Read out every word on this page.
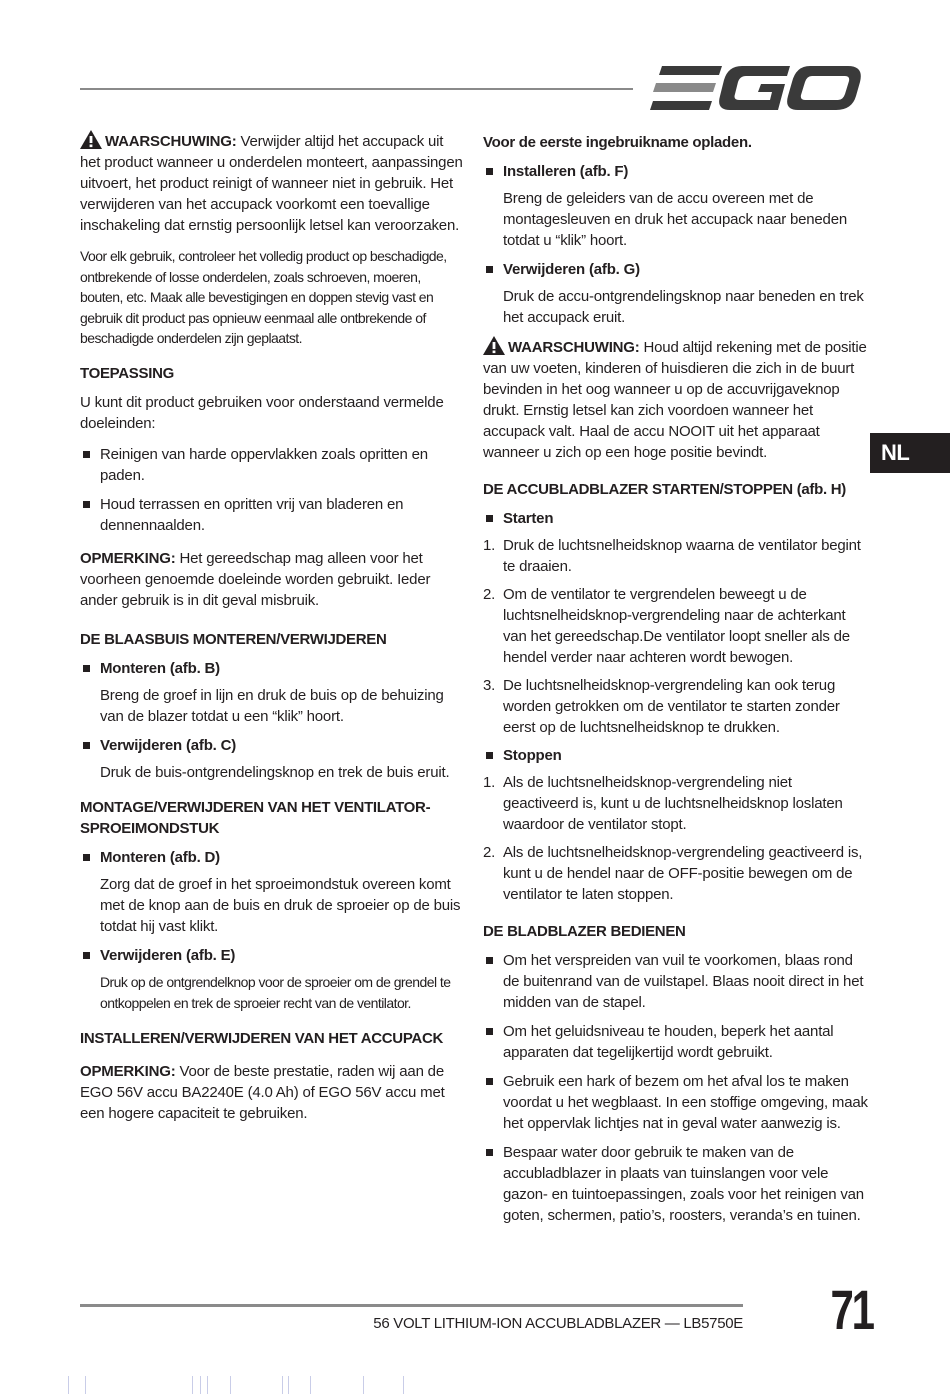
NL
WAARSCHUWING: Verwijder altijd het accupack uit het product wanneer u onderdelen monteert, aanpassingen uitvoert, het product reinigt of wanneer niet in gebruik. Het verwijderen van het accupack voorkomt een toevallige inschakeling dat ernstig persoonlijk letsel kan veroorzaken.
Voor elk gebruik, controleer het volledig product op beschadigde, ontbrekende of losse onderdelen, zoals schroeven, moeren, bouten, etc. Maak alle bevestigingen en doppen stevig vast en gebruik dit product pas opnieuw eenmaal alle ontbrekende of beschadigde onderdelen zijn geplaatst.
TOEPASSING
U kunt dit product gebruiken voor onderstaand vermelde doeleinden:
Reinigen van harde oppervlakken zoals opritten en paden.
Houd terrassen en opritten vrij van bladeren en dennennaalden.
OPMERKING: Het gereedschap mag alleen voor het voorheen genoemde doeleinde worden gebruikt. Ieder ander gebruik is in dit geval misbruik.
DE BLAASBUIS MONTEREN/VERWIJDEREN
Monteren (afb. B)
Breng de groef in lijn en druk de buis op de behuizing van de blazer totdat u een “klik” hoort.
Verwijderen (afb. C)
Druk de buis-ontgrendelingsknop en trek de buis eruit.
MONTAGE/VERWIJDEREN VAN HET VENTILATOR-SPROEIMONDSTUK
Monteren (afb. D)
Zorg dat de groef in het sproeimondstuk overeen komt met de knop aan de buis en druk de sproeier op de buis totdat hij vast klikt.
Verwijderen (afb. E)
Druk op de ontgrendelknop voor de sproeier om de grendel te ontkoppelen en trek de sproeier recht van de ventilator.
INSTALLEREN/VERWIJDEREN VAN HET ACCUPACK
OPMERKING: Voor de beste prestatie, raden wij aan de EGO 56V accu BA2240E (4.0 Ah) of EGO 56V accu met een hogere capaciteit te gebruiken.
Voor de eerste ingebruikname opladen.
Installeren (afb. F)
Breng de geleiders van de accu overeen met de montagesleuven en druk het accupack naar beneden totdat u “klik” hoort.
Verwijderen (afb. G)
Druk de accu-ontgrendelingsknop naar beneden en trek het accupack eruit.
WAARSCHUWING: Houd altijd rekening met de positie van uw voeten, kinderen of huisdieren die zich in de buurt bevinden in het oog wanneer u op de accuvrijgaveknop drukt. Ernstig letsel kan zich voordoen wanneer het accupack valt. Haal de accu NOOIT uit het apparaat wanneer u zich op een hoge positie bevindt.
DE ACCUBLADBLAZER STARTEN/STOPPEN (afb. H)
Starten
1. Druk de luchtsnelheidsknop waarna de ventilator begint te draaien.
2. Om de ventilator te vergrendelen beweegt u de luchtsnelheidsknop-vergrendeling naar de achterkant van het gereedschap.De ventilator loopt sneller als de hendel verder naar achteren wordt bewogen.
3. De luchtsnelheidsknop-vergrendeling kan ook terug worden getrokken om de ventilator te starten zonder eerst op de luchtsnelheidsknop te drukken.
Stoppen
1. Als de luchtsnelheidsknop-vergrendeling niet geactiveerd is, kunt u de luchtsnelheidsknop loslaten waardoor de ventilator stopt.
2. Als de luchtsnelheidsknop-vergrendeling geactiveerd is, kunt u de hendel naar de OFF-positie bewegen om de ventilator te laten stoppen.
DE BLADBLAZER BEDIENEN
Om het verspreiden van vuil te voorkomen, blaas rond de buitenrand van de vuilstapel. Blaas nooit direct in het midden van de stapel.
Om het geluidsniveau te houden, beperk het aantal apparaten dat tegelijkertijd wordt gebruikt.
Gebruik een hark of bezem om het afval los te maken voordat u het wegblaast. In een stoffige omgeving, maak het oppervlak lichtjes nat in geval water aanwezig is.
Bespaar water door gebruik te maken van de accubladblazer in plaats van tuinslangen voor vele gazon- en tuintoepassingen, zoals voor het reinigen van goten, schermen, patio’s, roosters, veranda’s en tuinen.
56 VOLT LITHIUM-ION ACCUBLADBLAZER — LB5750E 71
